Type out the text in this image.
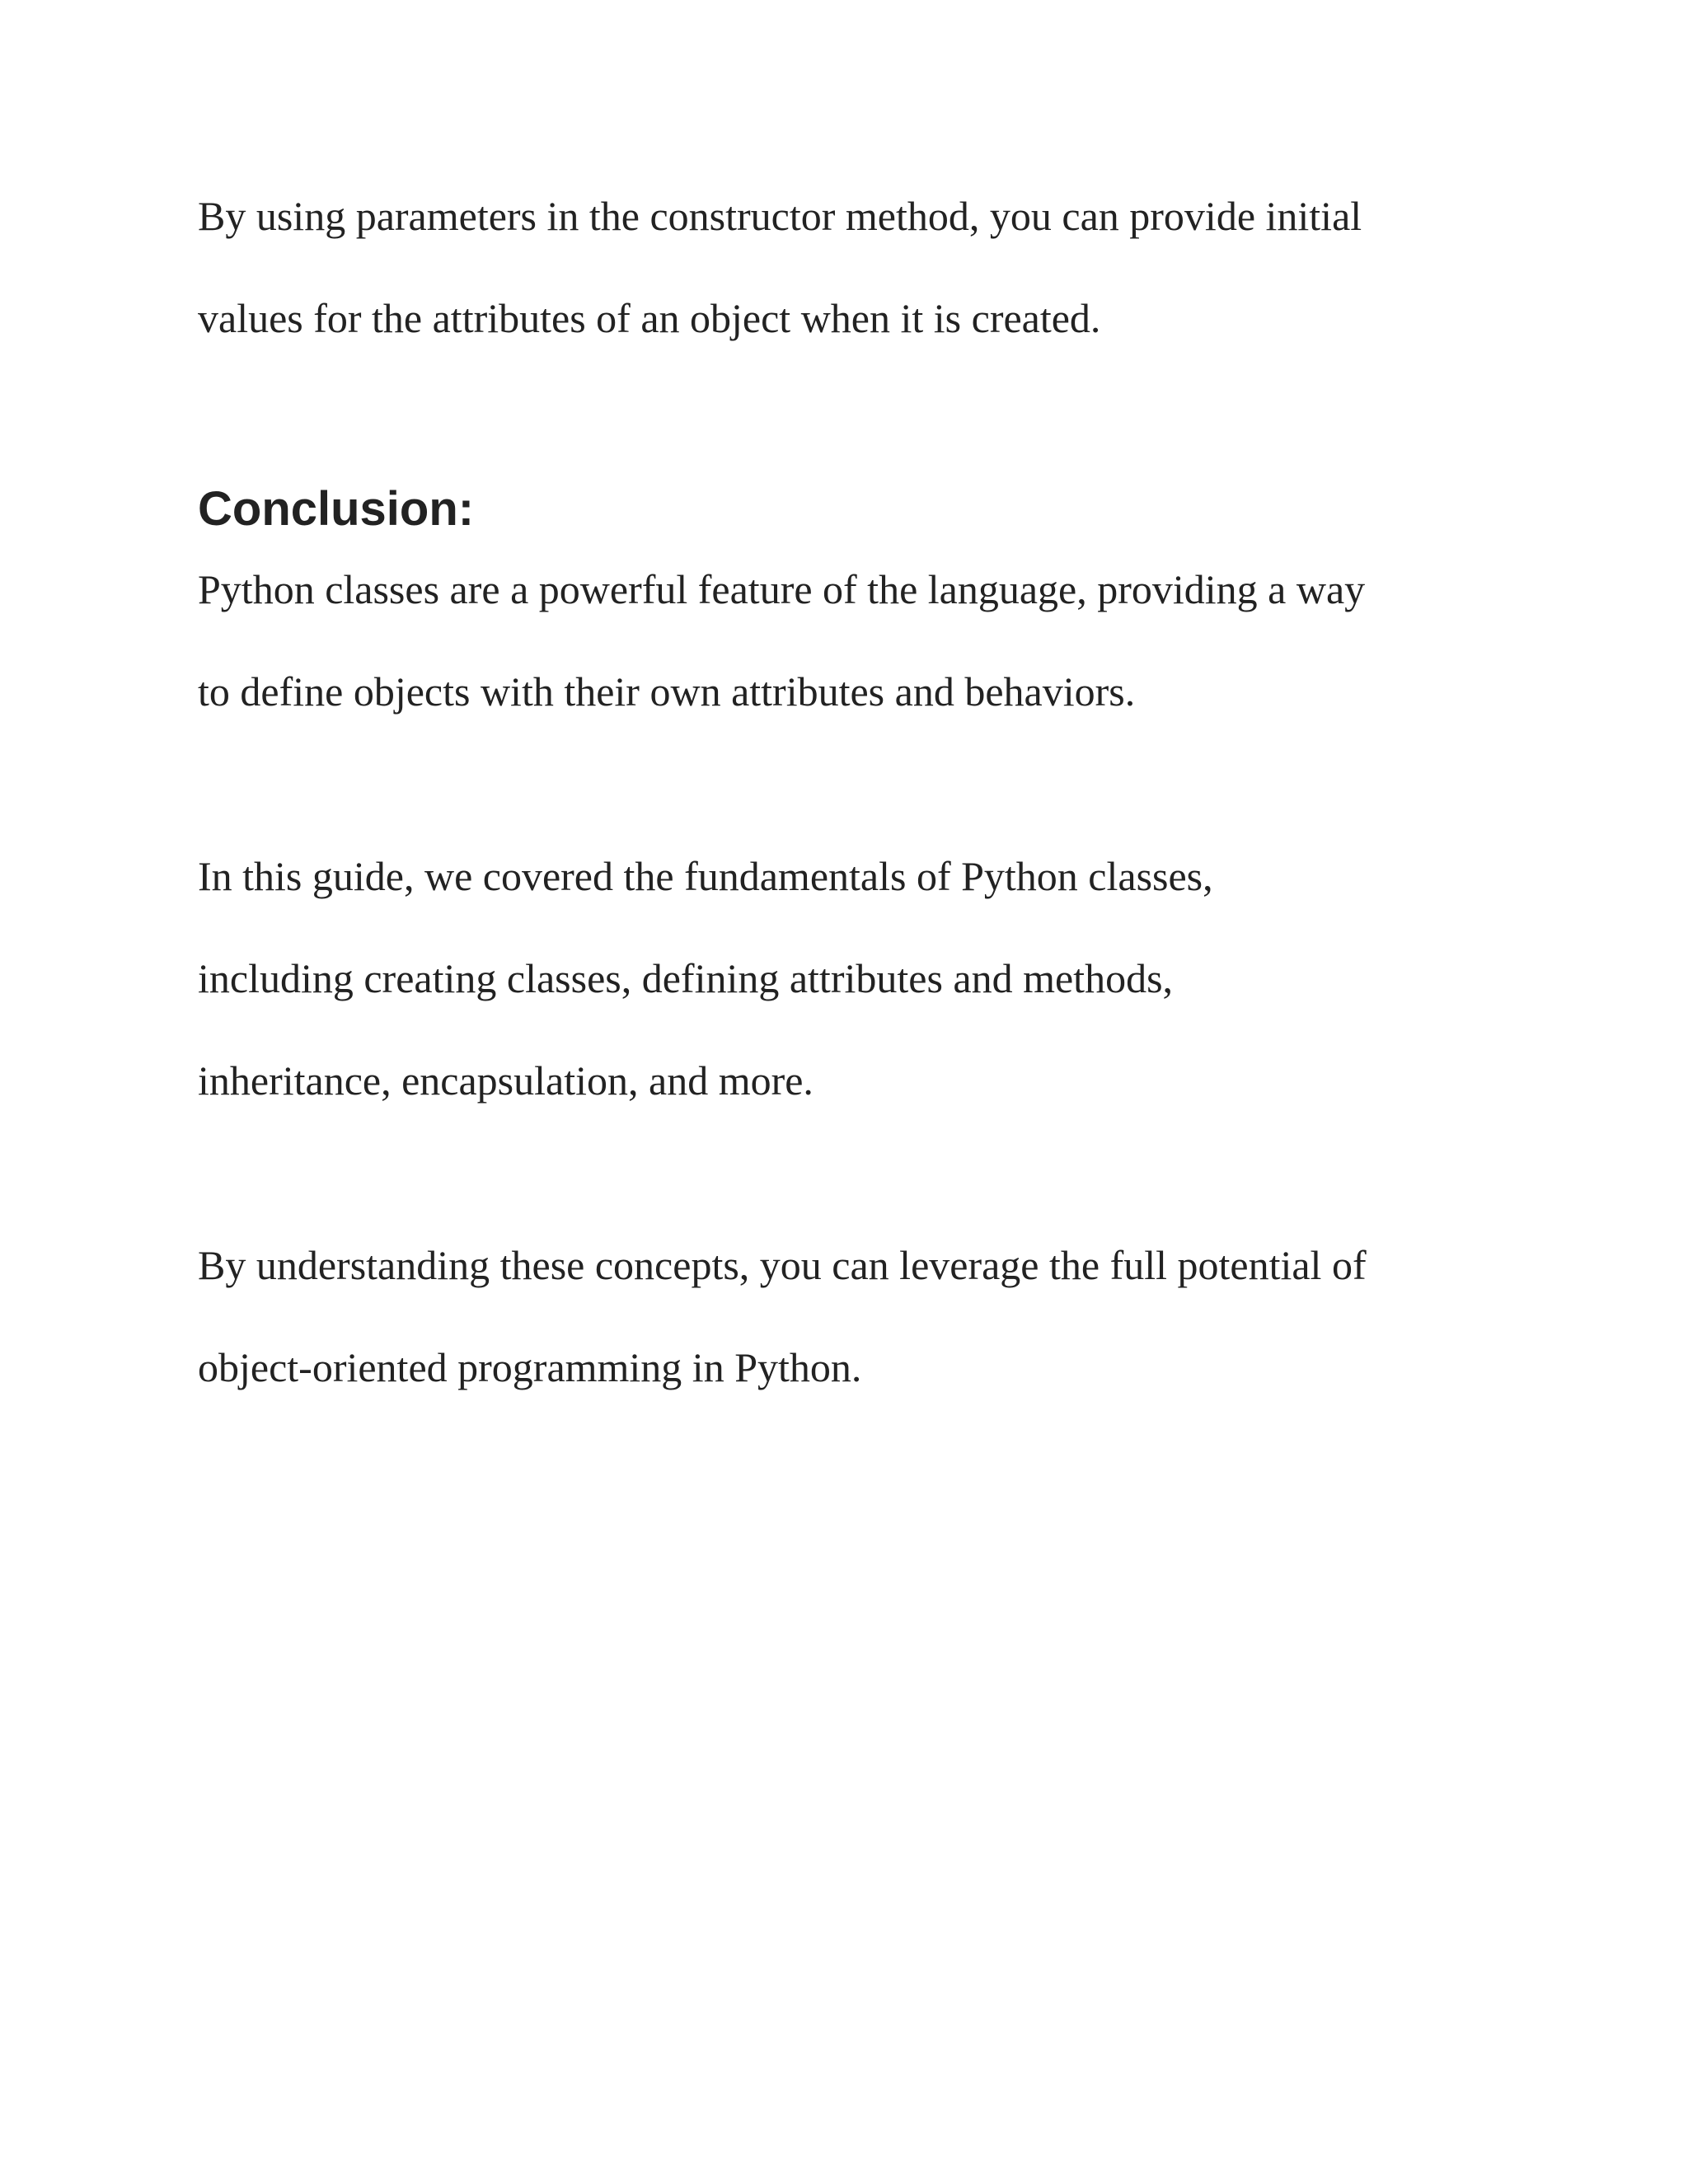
By using parameters in the constructor method, you can provide initial
values for the attributes of an object when it is created.

Conclusion:

Python classes are a powerful feature of the language, providing a way
to define objects with their own attributes and behaviors.

In this guide, we covered the fundamentals of Python classes,
including creating classes, defining attributes and methods,
inheritance, encapsulation, and more.

By understanding these concepts, you can leverage the full potential of
object-oriented programming in Python.
